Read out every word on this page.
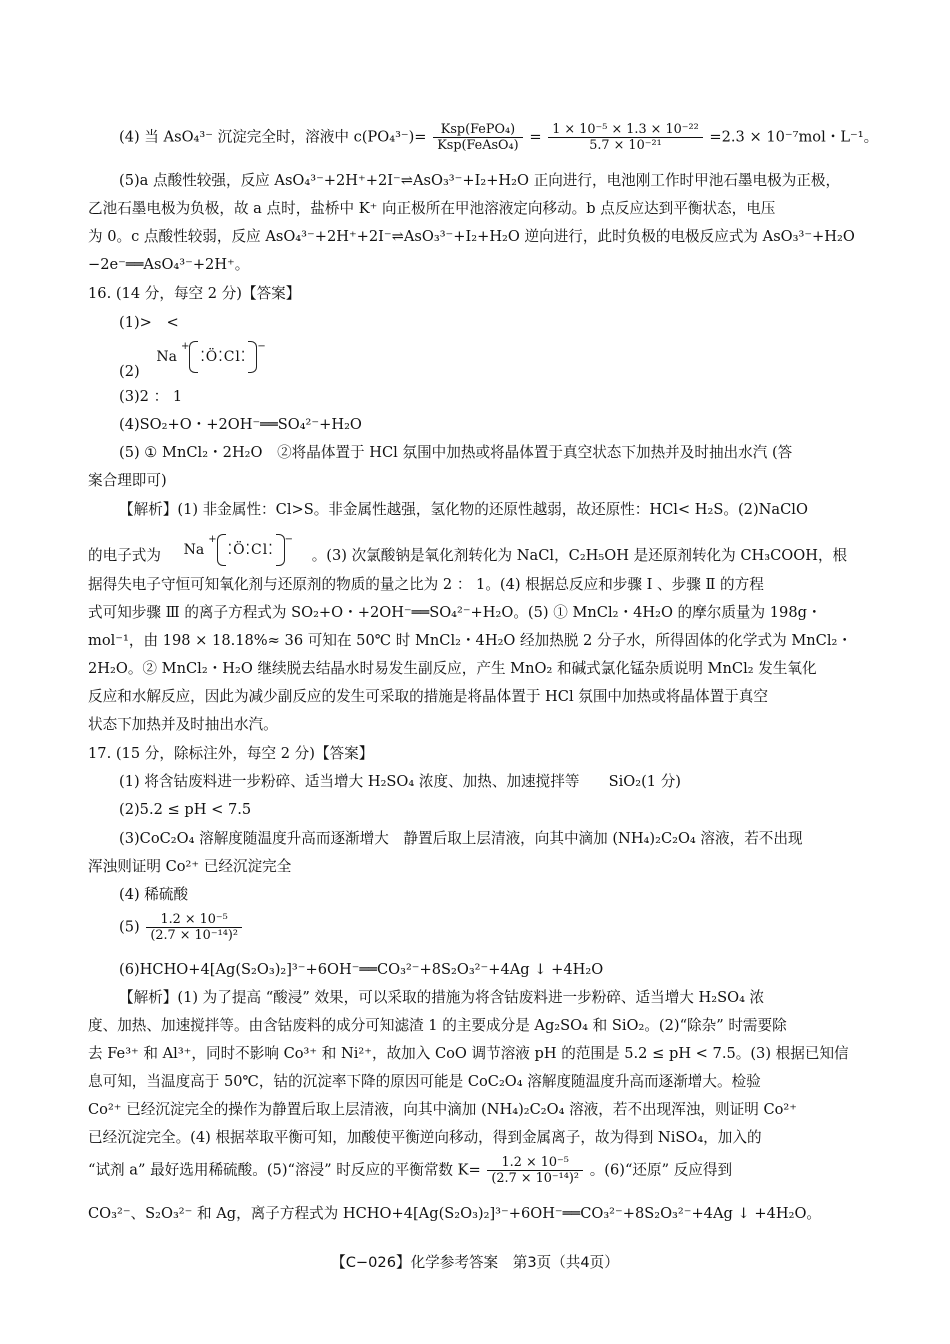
(4) 当 AsO₄³⁻ 沉淀完全时，溶液中 $c(PO_4^{3-})= \frac{\text{Ksp(FePO₄)}}{\text{Ksp(FeAsO₄)}} = \frac{\text{1 × 10⁻⁵ × 1.3 × 10⁻²²}}{\text{5.7 × 10⁻²¹}} =2.3 \times 10^{-7}mol$・L⁻¹。
(5)a 点酸性较强，反应 AsO₄³⁻+2H⁺+2I⁻⇌AsO₃³⁻+I₂+H₂O 正向进行，电池刚工作时甲池石墨电极为正极，
乙池石墨电极为负极，故 a 点时，盐桥中 K⁺ 向正极所在甲池溶液定向移动。b 点反应达到平衡状态，电压
为 0。c 点酸性较弱，反应 AsO₄³⁻+2H⁺+2I⁻⇌AsO₃³⁻+I₂+H₂O 逆向进行，此时负极的电极反应式为 AsO₃³⁻+H₂O
−2e⁻══AsO₄³⁻+2H⁺。
16. (14 分，每空 2 分)【答案】
(1)>　<
(2)
Na
+
⁚Ö⁚Cl⁚
−
(3)2 ： 1
(4)SO₂+O・+2OH⁻══SO₄²⁻+H₂O
(5) ① MnCl₂・2H₂O　②将晶体置于 HCl 氛围中加热或将晶体置于真空状态下加热并及时抽出水汽 (答
案合理即可)
【解析】(1) 非金属性：Cl>S。非金属性越强，氢化物的还原性越弱，故还原性：HCl< H₂S。(2)NaClO
的电子式为 Na
+
⁚Ö⁚Cl⁚
−
。(3) 次氯酸钠是氧化剂转化为 NaCl，C₂H₅OH 是还原剂转化为 CH₃COOH，根
据得失电子守恒可知氧化剂与还原剂的物质的量之比为 2 ： 1。(4) 根据总反应和步骤 Ⅰ 、步骤 Ⅱ 的方程
式可知步骤 Ⅲ 的离子方程式为 SO₂+O・+2OH⁻══SO₄²⁻+H₂O。(5) ① MnCl₂・4H₂O 的摩尔质量为 198g・
mol⁻¹，由 198 × 18.18%≈ 36 可知在 50℃ 时 MnCl₂・4H₂O 经加热脱 2 分子水，所得固体的化学式为 MnCl₂・
2H₂O。② MnCl₂・H₂O 继续脱去结晶水时易发生副反应，产生 MnO₂ 和碱式氯化锰杂质说明 MnCl₂ 发生氧化
反应和水解反应，因此为减少副反应的发生可采取的措施是将晶体置于 HCl 氛围中加热或将晶体置于真空
状态下加热并及时抽出水汽。
17. (15 分，除标注外，每空 2 分)【答案】
(1) 将含钴废料进一步粉碎、适当增大 H₂SO₄ 浓度、加热、加速搅拌等　　SiO₂(1 分)
(2)5.2 ≤ pH < 7.5
(3)CoC₂O₄ 溶解度随温度升高而逐渐增大　静置后取上层清液，向其中滴加 (NH₄)₂C₂O₄ 溶液，若不出现
浑浊则证明 Co²⁺ 已经沉淀完全
(4) 稀硫酸
$(5) \frac{\text{1.2 × 10⁻⁵}}{\text{(2.7 × 10⁻¹⁴)²}}$
(6)HCHO+4[Ag(S₂O₃)₂]³⁻+6OH⁻══CO₃²⁻+8S₂O₃²⁻+4Ag ↓ +4H₂O
【解析】(1) 为了提高 “酸浸” 效果，可以采取的措施为将含钴废料进一步粉碎、适当增大 H₂SO₄ 浓
度、加热、加速搅拌等。由含钴废料的成分可知滤渣 1 的主要成分是 Ag₂SO₄ 和 SiO₂。(2)“除杂” 时需要除
去 Fe³⁺ 和 Al³⁺，同时不影响 Co³⁺ 和 Ni²⁺，故加入 CoO 调节溶液 pH 的范围是 5.2 ≤ pH < 7.5。(3) 根据已知信
息可知，当温度高于 50℃，钴的沉淀率下降的原因可能是 CoC₂O₄ 溶解度随温度升高而逐渐增大。检验
Co²⁺ 已经沉淀完全的操作为静置后取上层清液，向其中滴加 (NH₄)₂C₂O₄ 溶液，若不出现浑浊，则证明 Co²⁺
已经沉淀完全。(4) 根据萃取平衡可知，加酸使平衡逆向移动，得到金属离子，故为得到 NiSO₄，加入的
“试剂 a” 最好选用稀硫酸。(5)“溶浸” 时反应的平衡常数 $K= \frac{\text{1.2 × 10⁻⁵}}{\text{(2.7 × 10⁻¹⁴)²}}$ 。(6)“还原” 反应得到
CO₃²⁻、S₂O₃²⁻ 和 Ag，离子方程式为 HCHO+4[Ag(S₂O₃)₂]³⁻+6OH⁻══CO₃²⁻+8S₂O₃²⁻+4Ag ↓ +4H₂O。
【C−026】化学参考答案　第3页（共4页）
